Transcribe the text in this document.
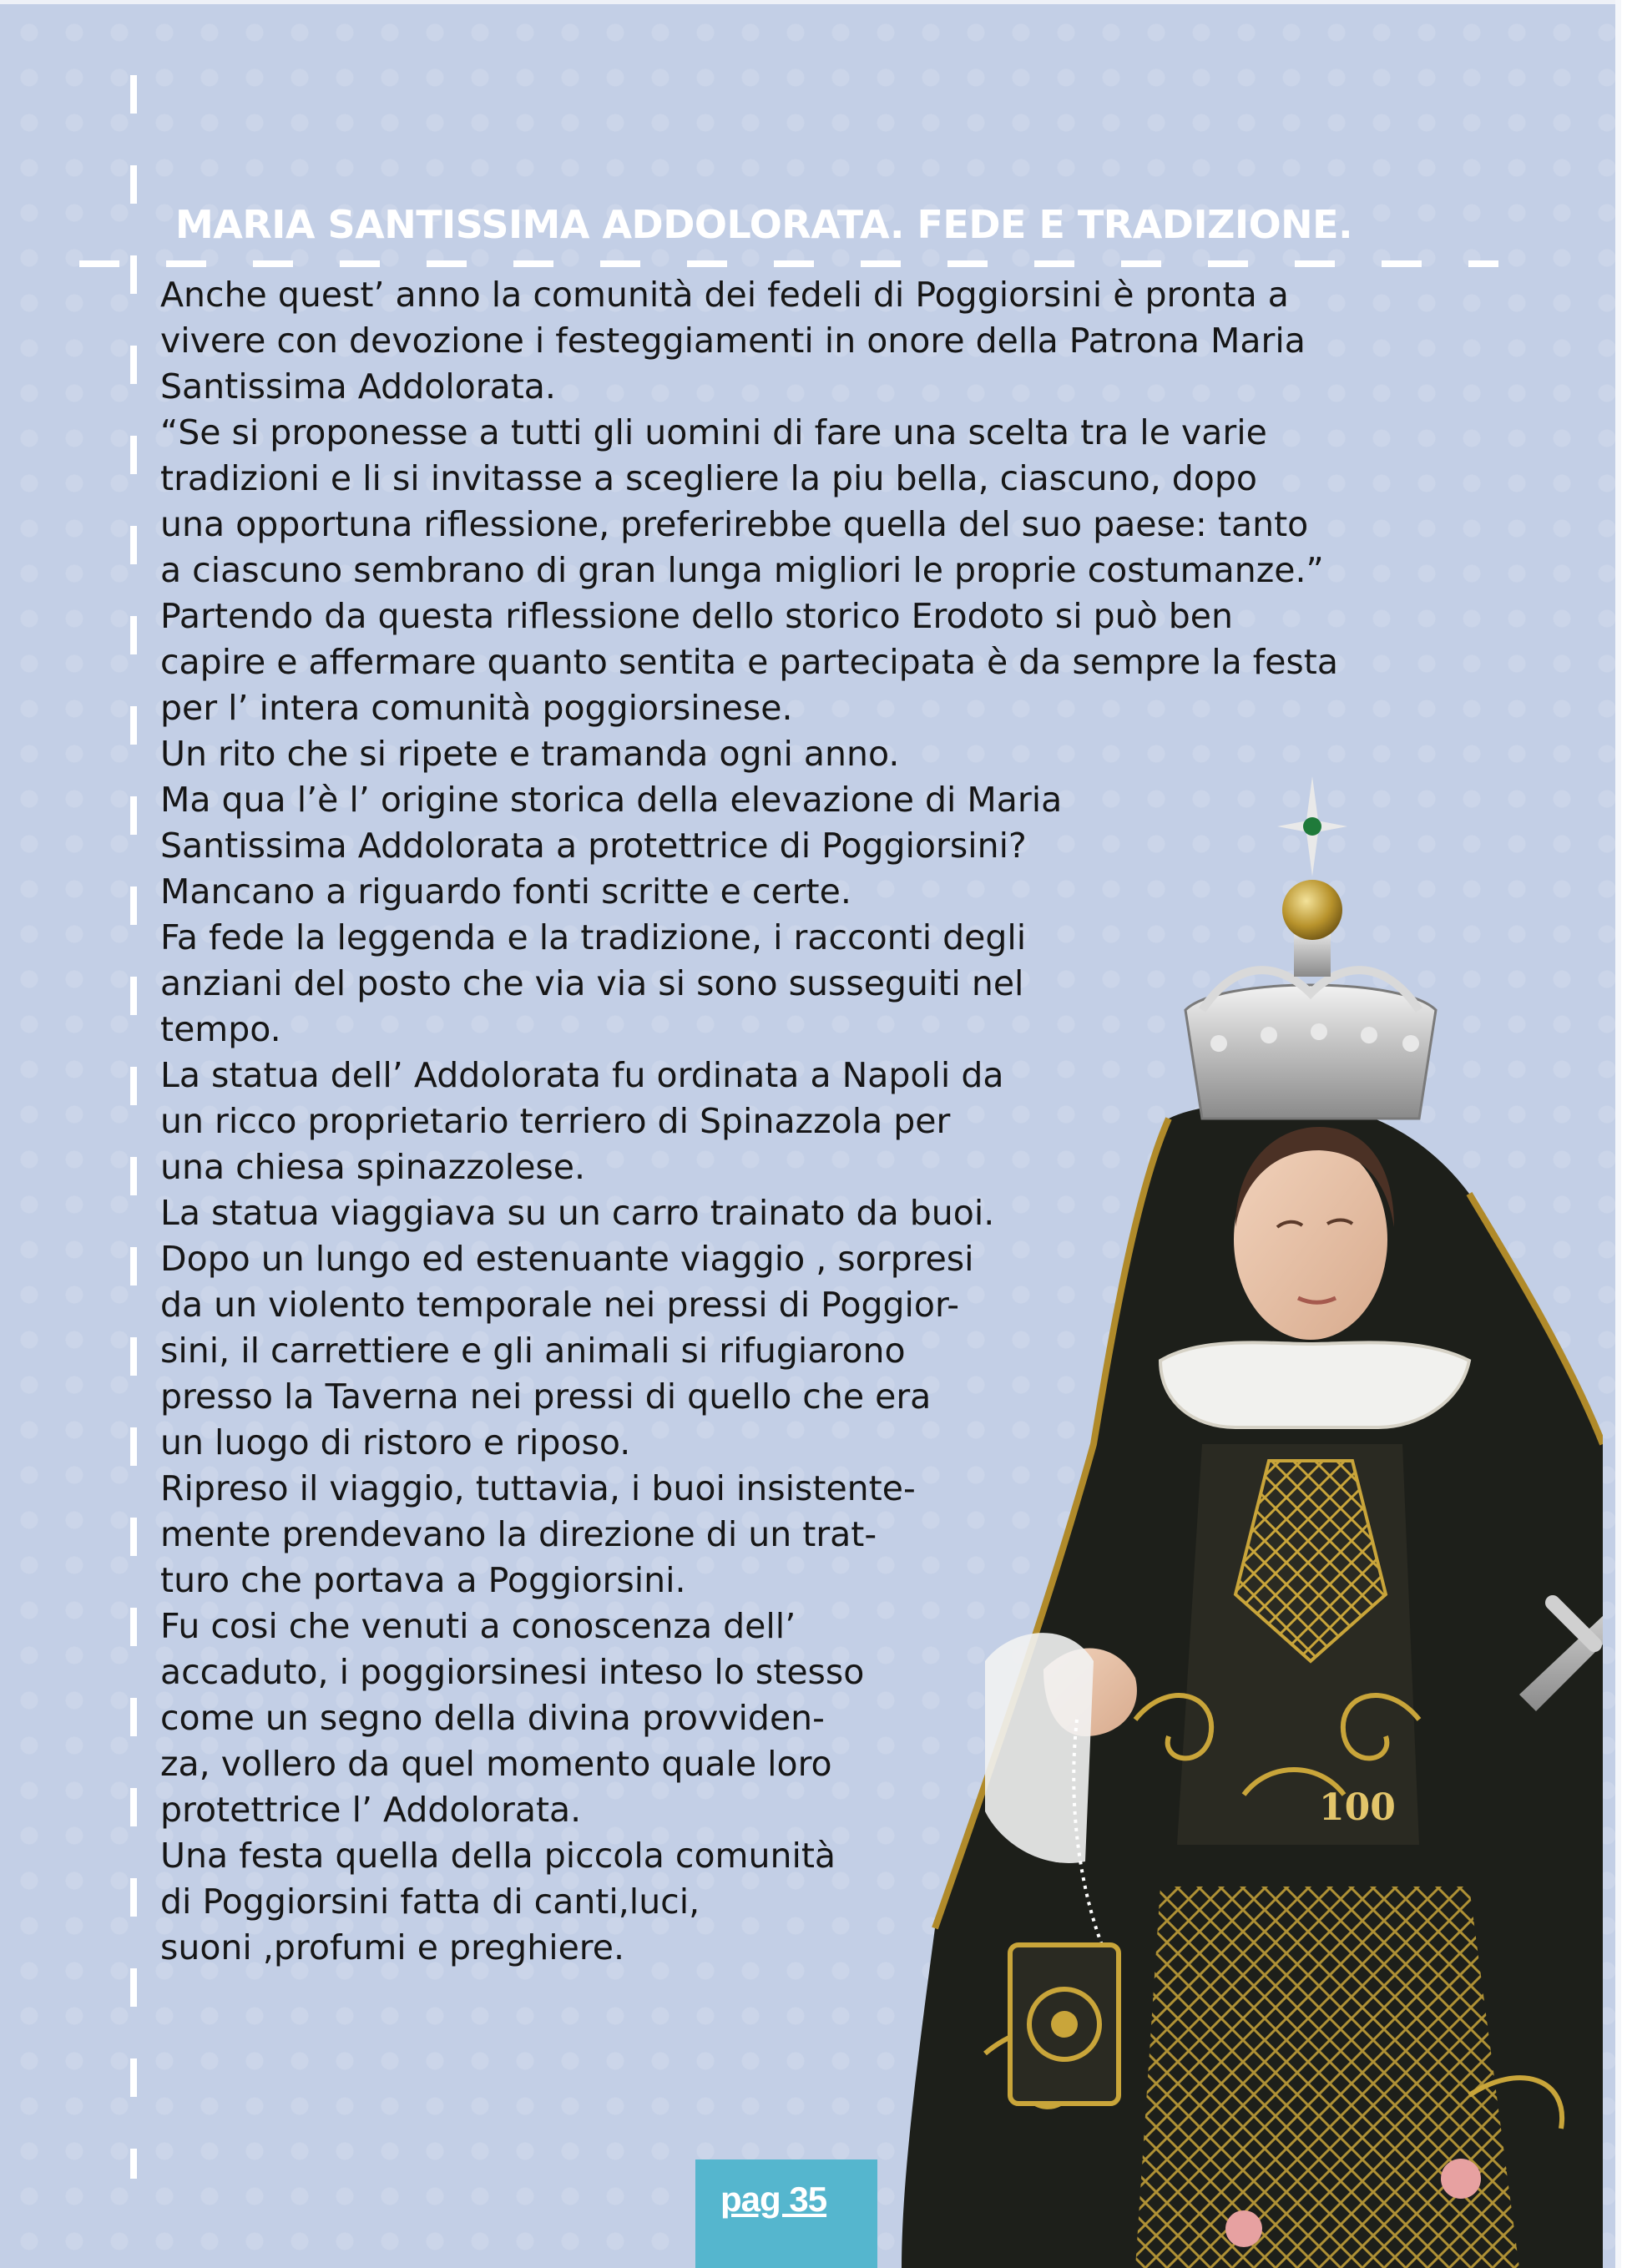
MARIA SANTISSIMA ADDOLORATA. FEDE E TRADIZIONE.
Anche quest’ anno la comunità dei fedeli di Poggiorsini è pronta a
vivere con devozione i festeggiamenti in onore della Patrona Maria
Santissima Addolorata.
“Se si proponesse a tutti gli uomini di fare una scelta tra le varie
tradizioni e li si invitasse a scegliere la piu bella, ciascuno, dopo
una opportuna riflessione, preferirebbe quella del suo paese: tanto
a ciascuno sembrano di gran lunga migliori le proprie costumanze.”
Partendo da questa riflessione dello storico Erodoto si può ben
capire e affermare quanto sentita e partecipata è da sempre la festa
per l’ intera comunità poggiorsinese.
Un rito che si ripete e tramanda ogni anno.
Ma qua l’è l’ origine storica della elevazione di Maria
Santissima Addolorata a protettrice di Poggiorsini?
Mancano a riguardo fonti scritte e certe.
Fa fede la leggenda e la tradizione, i racconti degli
anziani del posto che via via si sono susseguiti nel
tempo.
La statua dell’ Addolorata fu ordinata a Napoli da
un ricco proprietario terriero di Spinazzola per
una chiesa spinazzolese.
La statua viaggiava su un carro trainato da buoi.
Dopo un lungo ed estenuante viaggio , sorpresi
da un violento temporale nei pressi di Poggior-
sini, il carrettiere e gli animali si rifugiarono
presso la Taverna nei pressi di quello che era
un luogo di ristoro e riposo.
Ripreso il viaggio, tuttavia, i buoi insistente-
mente prendevano la direzione di un trat-
turo che portava a Poggiorsini.
Fu cosi che venuti a conoscenza dell’
accaduto, i poggiorsinesi inteso lo stesso
come un segno della divina provviden-
za, vollero da quel momento quale loro
protettrice l’ Addolorata.
Una festa quella della piccola comunità
di Poggiorsini fatta di canti,luci,
suoni ,profumi e preghiere.
100
pag 35
